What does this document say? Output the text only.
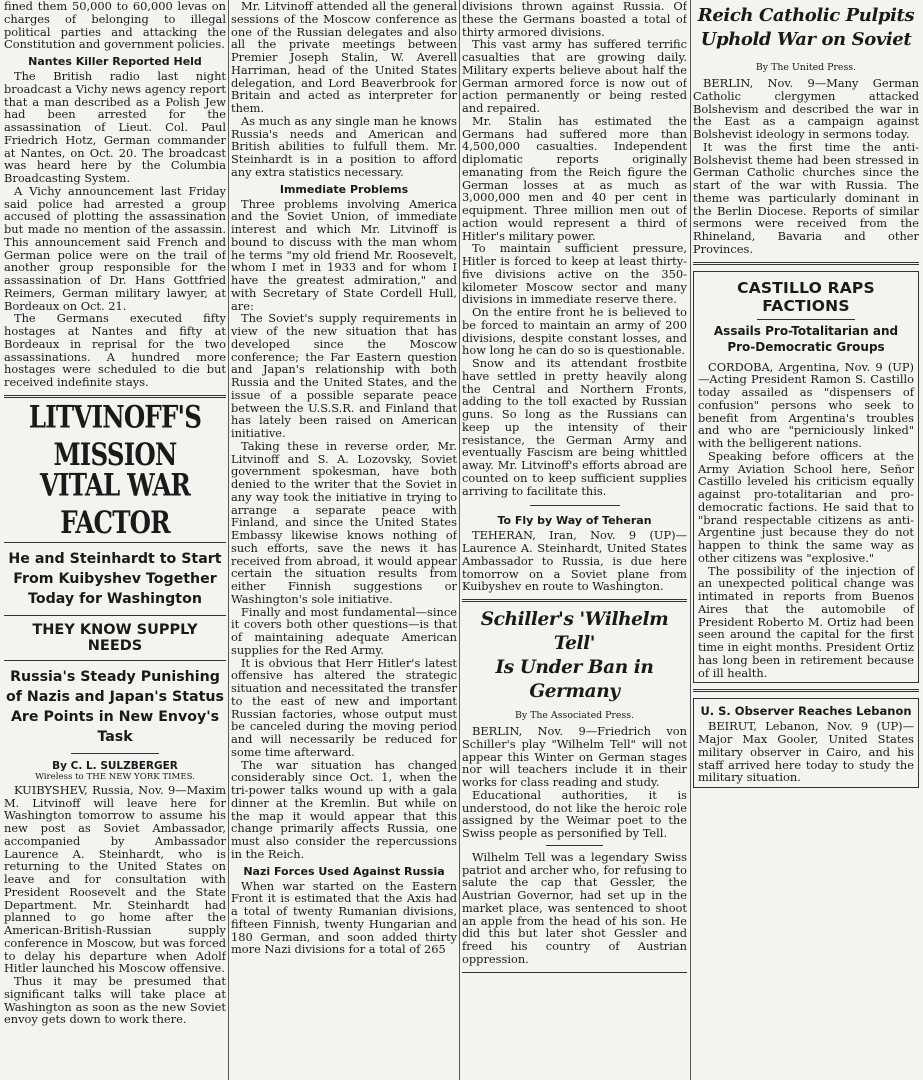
fined them 50,000 to 60,000 levas on charges of belonging to illegal political parties and attacking the Constitution and government policies.

Nantes Killer Reported Held

The British radio last night broadcast a Vichy news agency report that a man described as a Polish Jew had been arrested for the assassination of Lieut. Col. Paul Friedrich Hotz, German commander at Nantes, on Oct. 20. The broadcast was heard here by the Columbia Broadcasting System.

A Vichy announcement last Friday said police had arrested a group accused of plotting the assassination but made no mention of the assassin. This announcement said French and German police were on the trail of another group responsible for the assassination of Dr. Hans Gottfried Reimers, German military lawyer, at Bordeaux on Oct. 21.

The Germans executed fifty hostages at Nantes and fifty at Bordeaux in reprisal for the two assassinations. A hundred more hostages were scheduled to die but received indefinite stays.

LITVINOFF'S MISSION
VITAL WAR FACTOR
He and Steinhardt to Start From Kuibyshev Together Today for Washington
THEY KNOW SUPPLY NEEDS
Russia's Steady Punishing of Nazis and Japan's Status Are Points in New Envoy's Task
By C. L. SULZBERGER
Wireless to THE NEW YORK TIMES.

KUIBYSHEV, Russia, Nov. 9—Maxim M. Litvinoff will leave here for Washington tomorrow to assume his new post as Soviet Ambassador, accompanied by Ambassador Laurence A. Steinhardt, who is returning to the United States on leave and for consultation with President Roosevelt and the State Department. Mr. Steinhardt had planned to go home after the American-British-Russian supply conference in Moscow, but was forced to delay his departure when Adolf Hitler launched his Moscow offensive.

Thus it may be presumed that significant talks will take place at Washington as soon as the new Soviet envoy gets down to work there.

Mr. Litvinoff attended all the general sessions of the Moscow conference as one of the Russian delegates and also all the private meetings between Premier Joseph Stalin, W. Averell Harriman, head of the United States delegation, and Lord Beaverbrook for Britain and acted as interpreter for them.

As much as any single man he knows Russia's needs and American and British abilities to fulfull them. Mr. Steinhardt is in a position to afford any extra statistics necessary.

Immediate Problems

Three problems involving America and the Soviet Union, of immediate interest and which Mr. Litvinoff is bound to discuss with the man whom he terms "my old friend Mr. Roosevelt, whom I met in 1933 and for whom I have the greatest admiration," and with Secretary of State Cordell Hull, are:

The Soviet's supply requirements in view of the new situation that has developed since the Moscow conference; the Far Eastern question and Japan's relationship with both Russia and the United States, and the issue of a possible separate peace between the U.S.S.R. and Finland that has lately been raised on American initiative.

Taking these in reverse order, Mr. Litvinoff and S. A. Lozovsky, Soviet government spokesman, have both denied to the writer that the Soviet in any way took the initiative in trying to arrange a separate peace with Finland, and since the United States Embassy likewise knows nothing of such efforts, save the news it has received from abroad, it would appear certain the situation results from either Finnish suggestions or Washington's sole initiative.

Finally and most fundamental—since it covers both other questions—is that of maintaining adequate American supplies for the Red Army.

It is obvious that Herr Hitler's latest offensive has altered the strategic situation and necessitated the transfer to the east of new and important Russian factories, whose output must be canceled during the moving period and will necessarily be reduced for some time afterward.

The war situation has changed considerably since Oct. 1, when the tri-power talks wound up with a gala dinner at the Kremlin. But while on the map it would appear that this change primarily affects Russia, one must also consider the repercussions in the Reich.

Nazi Forces Used Against Russia

When war started on the Eastern Front it is estimated that the Axis had a total of twenty Rumanian divisions, fifteen Finnish, twenty Hungarian and 180 German, and soon added thirty more Nazi divisions for a total of 265

divisions thrown against Russia. Of these the Germans boasted a total of thirty armored divisions.

This vast army has suffered terrific casualties that are growing daily. Military experts believe about half the German armored force is now out of action permanently or being rested and repaired.

Mr. Stalin has estimated the Germans had suffered more than 4,500,000 casualties. Independent diplomatic reports originally emanating from the Reich figure the German losses at as much as 3,000,000 men and 40 per cent in equipment. Three million men out of action would represent a third of Hitler's military power.

To maintain sufficient pressure, Hitler is forced to keep at least thirty-five divisions active on the 350-kilometer Moscow sector and many divisions in immediate reserve there.

On the entire front he is believed to be forced to maintain an army of 200 divisions, despite constant losses, and how long he can do so is questionable.

Snow and its attendant frostbite have settled in pretty heavily along the Central and Northern Fronts, adding to the toll exacted by Russian guns. So long as the Russians can keep up the intensity of their resistance, the German Army and eventually Fascism are being whittled away. Mr. Litvinoff's efforts abroad are counted on to keep sufficient supplies arriving to facilitate this.

To Fly by Way of Teheran

TEHERAN, Iran, Nov. 9 (UP)—Laurence A. Steinhardt, United States Ambassador to Russia, is due here tomorrow on a Soviet plane from Kuibyshev en route to Washington.

Schiller's 'Wilhelm Tell'
Is Under Ban in Germany
By The Associated Press.

BERLIN, Nov. 9—Friedrich von Schiller's play "Wilhelm Tell" will not appear this Winter on German stages nor will teachers include it in their works for class reading and study.

Educational authorities, it is understood, do not like the heroic role assigned by the Weimar poet to the Swiss people as personified by Tell.

Wilhelm Tell was a legendary Swiss patriot and archer who, for refusing to salute the cap that Gessler, the Austrian Governor, had set up in the market place, was sentenced to shoot an apple from the head of his son. He did this but later shot Gessler and freed his country of Austrian oppression.

Reich Catholic Pulpits
Uphold War on Soviet
By The United Press.

BERLIN, Nov. 9—Many German Catholic clergymen attacked Bolshevism and described the war in the East as a campaign against Bolshevist ideology in sermons today.

It was the first time the anti-Bolshevist theme had been stressed in German Catholic churches since the start of the war with Russia. The theme was particularly dominant in the Berlin Diocese. Reports of similar sermons were received from the Rhineland, Bavaria and other Provinces.

CASTILLO RAPS FACTIONS
Assails Pro-Totalitarian and Pro-Democratic Groups

CORDOBA, Argentina, Nov. 9 (UP)—Acting President Ramon S. Castillo today assailed as "dispensers of confusion" persons who seek to benefit from Argentina's troubles and who are "perniciously linked" with the belligerent nations.

Speaking before officers at the Army Aviation School here, Señor Castillo leveled his criticism equally against pro-totalitarian and pro-democratic factions. He said that to "brand respectable citizens as anti-Argentine just because they do not happen to think the same way as other citizens was "explosive."

The possibility of the injection of an unexpected political change was intimated in reports from Buenos Aires that the automobile of President Roberto M. Ortiz had been seen around the capital for the first time in eight months. President Ortiz has long been in retirement because of ill health.

U. S. Observer Reaches Lebanon

BEIRUT, Lebanon, Nov. 9 (UP)—Major Max Gooler, United States military observer in Cairo, and his staff arrived here today to study the military situation.
